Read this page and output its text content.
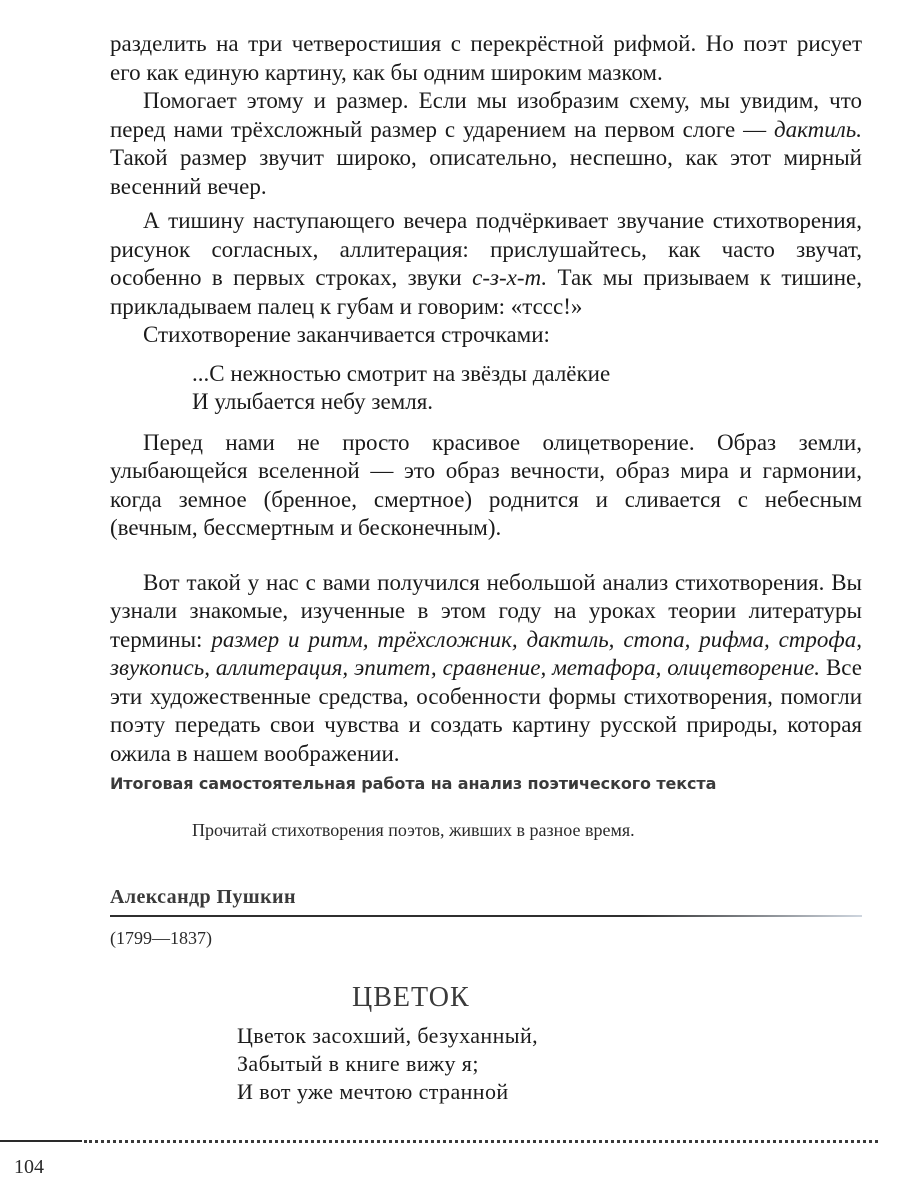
разделить на три четверостишия с перекрёстной рифмой. Но поэт рисует его как единую картину, как бы одним широким мазком.

Помогает этому и размер. Если мы изобразим схему, мы увидим, что перед нами трёхсложный размер с ударением на первом слоге — дактиль. Такой размер звучит широко, описательно, неспешно, как этот мирный весенний вечер.

А тишину наступающего вечера подчёркивает звучание стихотворения, рисунок согласных, аллитерация: прислушайтесь, как часто звучат, особенно в первых строках, звуки с-з-х-т. Так мы призываем к тишине, прикладываем палец к губам и говорим: «тссс!»

Стихотворение заканчивается строчками:

...С нежностью смотрит на звёзды далёкие
И улыбается небу земля.

Перед нами не просто красивое олицетворение. Образ земли, улыбающейся вселенной — это образ вечности, образ мира и гармонии, когда земное (бренное, смертное) роднится и сливается с небесным (вечным, бессмертным и бесконечным).

Вот такой у нас с вами получился небольшой анализ стихотворения. Вы узнали знакомые, изученные в этом году на уроках теории литературы термины: размер и ритм, трёхсложник, дактиль, стопа, рифма, строфа, звукопись, аллитерация, эпитет, сравнение, метафора, олицетворение. Все эти художественные средства, особенности формы стихотворения, помогли поэту передать свои чувства и создать картину русской природы, которая ожила в нашем воображении.

Итоговая самостоятельная работа на анализ поэтического текста
Прочитай стихотворения поэтов, живших в разное время.
Александр Пушкин
(1799—1837)
ЦВЕТОК
Цветок засохший, безуханный,
Забытый в книге вижу я;
И вот уже мечтою странной
104
